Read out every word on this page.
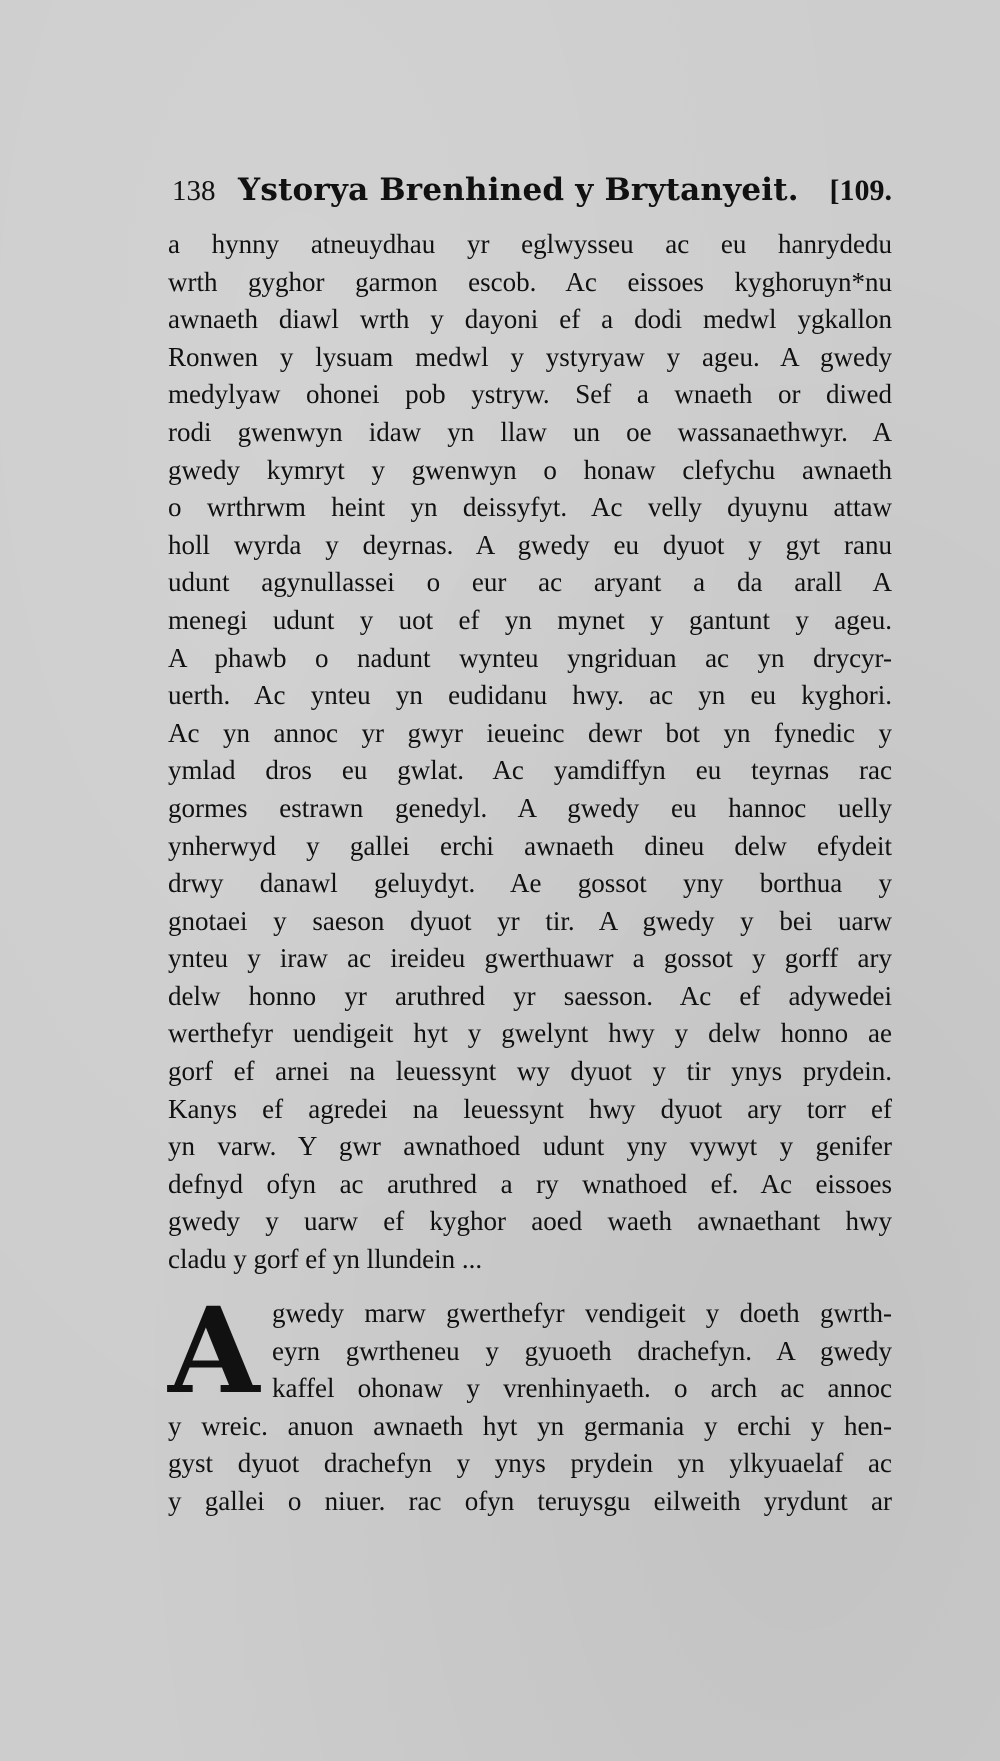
138 Ystorya Brenhined y Brytanyeit.	[109.
a hynny atneuydhau yr eglwysseu ac eu hanrydedu
wrth gyghor garmon escob. Ac eissoes kyghoruyn*nu
awnaeth diawl wrth y dayoni ef a dodi medwl ygkallon
Ronwen y lysuam medwl y ystyryaw y ageu. A gwedy
medylyaw ohonei pob ystryw. Sef a wnaeth or diwed
rodi gwenwyn idaw yn llaw un oe wassanaethwyr. A
gwedy kymryt y gwenwyn o honaw clefychu awnaeth
o wrthrwm heint yn deissyfyt. Ac velly dyuynu attaw
holl wyrda y deyrnas. A gwedy eu dyuot y gyt ranu
udunt agynullassei o eur ac aryant a da arall A
menegi udunt y uot ef yn mynet y gantunt y ageu.
A phawb o nadunt wynteu yngriduan ac yn drycyr-
uerth. Ac ynteu yn eudidanu hwy. ac yn eu kyghori.
Ac yn annoc yr gwyr ieueinc dewr bot yn fynedic y
ymlad dros eu gwlat. Ac yamdiffyn eu teyrnas rac
gormes estrawn genedyl. A gwedy eu hannoc uelly
ynherwyd y gallei erchi awnaeth dineu delw efydeit
drwy danawl geluydyt. Ae gossot yny borthua y
gnotaei y saeson dyuot yr tir. A gwedy y bei uarw
ynteu y iraw ac ireideu gwerthuawr a gossot y gorff ary
delw honno yr aruthred yr saesson. Ac ef adywedei
werthefyr uendigeit hyt y gwelynt hwy y delw honno ae
gorf ef arnei na leuessynt wy dyuot y tir ynys prydein.
Kanys ef agredei na leuessynt hwy dyuot ary torr ef
yn varw. Y gwr awnathoed udunt yny vywyt y genifer
defnyd ofyn ac aruthred a ry wnathoed ef. Ac eissoes
gwedy y uarw ef kyghor aoed waeth awnaethant hwy
cladu y gorf ef yn llundein ...
A gwedy marw gwerthefyr vendigeit y doeth gwrth-
eyrn gwrtheneu y gyuoeth drachefyn. A gwedy
kaffel ohonaw y vrenhinyaeth. o arch ac annoc
y wreic. anuon awnaeth hyt yn germania y erchi y hen-
gyst dyuot drachefyn y ynys prydein yn ylkyuaelaf ac
y gallei o niuer. rac ofyn teruysgu eilweith yrydunt ar
